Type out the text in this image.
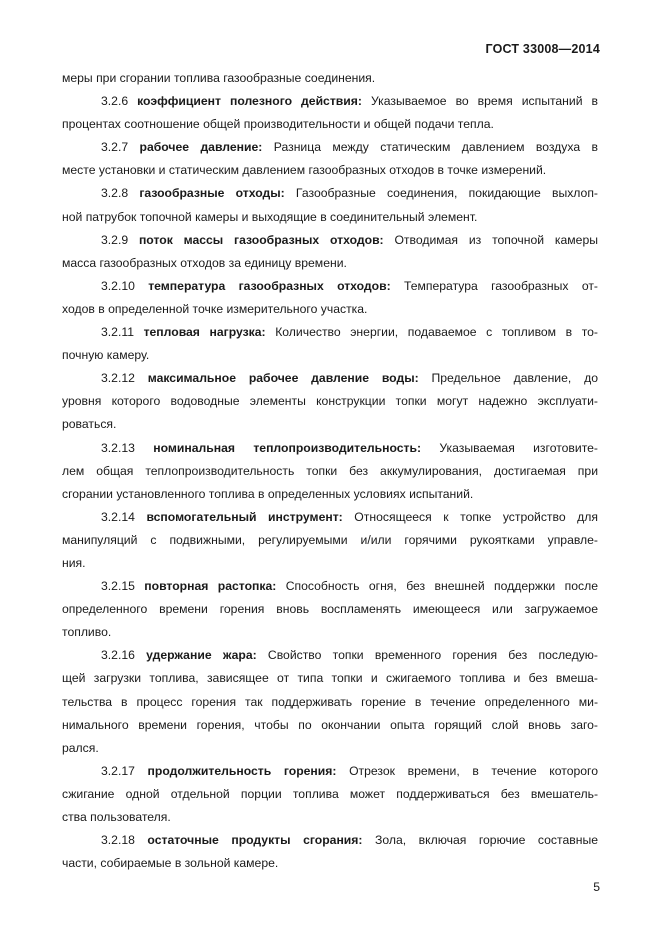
ГОСТ 33008—2014
меры при сгорании топлива газообразные соединения.
3.2.6 коэффициент полезного действия: Указываемое во время испытаний в
процентах соотношение общей производительности и общей подачи тепла.
3.2.7 рабочее давление: Разница между статическим давлением воздуха в
месте установки и статическим давлением газообразных отходов в точке измерений.
3.2.8 газообразные отходы: Газообразные соединения, покидающие выхлоп-
ной патрубок топочной камеры и выходящие в соединительный элемент.
3.2.9 поток массы газообразных отходов: Отводимая из топочной камеры
масса газообразных отходов за единицу времени.
3.2.10 температура газообразных отходов: Температура газообразных от-
ходов в определенной точке измерительного участка.
3.2.11 тепловая нагрузка: Количество энергии, подаваемое с топливом в то-
почную камеру.
3.2.12 максимальное рабочее давление воды: Предельное давление, до
уровня которого водоводные элементы конструкции топки могут надежно эксплуати-
роваться.
3.2.13 номинальная теплопроизводительность: Указываемая изготовите-
лем общая теплопроизводительность топки без аккумулирования, достигаемая при
сгорании установленного топлива в определенных условиях испытаний.
3.2.14 вспомогательный инструмент: Относящееся к топке устройство для
манипуляций с подвижными, регулируемыми и/или горячими рукоятками управле-
ния.
3.2.15 повторная растопка: Способность огня, без внешней поддержки после
определенного времени горения вновь воспламенять имеющееся или загружаемое
топливо.
3.2.16 удержание жара: Свойство топки временного горения без последую-
щей загрузки топлива, зависящее от типа топки и сжигаемого топлива и без вмеша-
тельства в процесс горения так поддерживать горение в течение определенного ми-
нимального времени горения, чтобы по окончании опыта горящий слой вновь заго-
рался.
3.2.17 продолжительность горения: Отрезок времени, в течение которого
сжигание одной отдельной порции топлива может поддерживаться без вмешатель-
ства пользователя.
3.2.18 остаточные продукты сгорания: Зола, включая горючие составные
части, собираемые в зольной камере.
5
